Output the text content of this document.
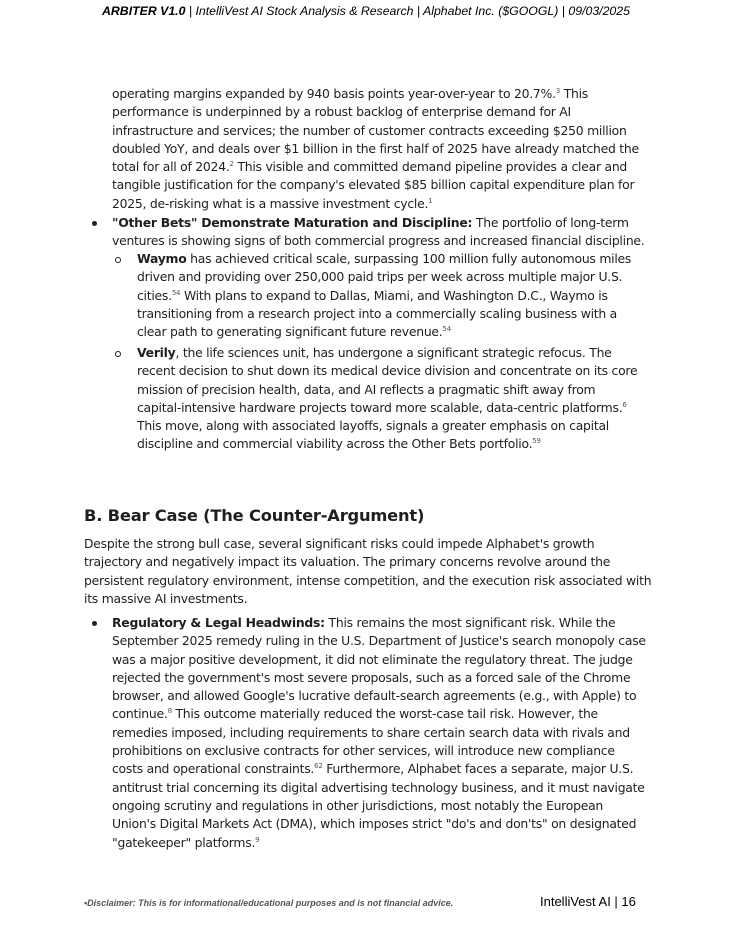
ARBITER V1.0 | IntelliVest AI Stock Analysis & Research | Alphabet Inc. ($GOOGL) | 09/03/2025
operating margins expanded by 940 basis points year-over-year to 20.7%.$^3$ This
performance is underpinned by a robust backlog of enterprise demand for AI
infrastructure and services; the number of customer contracts exceeding $250 million
doubled YoY, and deals over $1 billion in the first half of 2025 have already matched the
total for all of 2024.$^2$ This visible and committed demand pipeline provides a clear and
tangible justification for the company's elevated $85 billion capital expenditure plan for
2025, de-risking what is a massive investment cycle.$^1$
"Other Bets" Demonstrate Maturation and Discipline: The portfolio of long-term
ventures is showing signs of both commercial progress and increased financial discipline.
Waymo has achieved critical scale, surpassing 100 million fully autonomous miles
driven and providing over 250,000 paid trips per week across multiple major U.S.
cities.$^{54}$ With plans to expand to Dallas, Miami, and Washington D.C., Waymo is
transitioning from a research project into a commercially scaling business with a
clear path to generating significant future revenue.$^{54}$
Verily, the life sciences unit, has undergone a significant strategic refocus. The
recent decision to shut down its medical device division and concentrate on its core
mission of precision health, data, and AI reflects a pragmatic shift away from
capital-intensive hardware projects toward more scalable, data-centric platforms.$^6$
This move, along with associated layoffs, signals a greater emphasis on capital
discipline and commercial viability across the Other Bets portfolio.$^{59}$
B. Bear Case (The Counter-Argument)
Despite the strong bull case, several significant risks could impede Alphabet's growth
trajectory and negatively impact its valuation. The primary concerns revolve around the
persistent regulatory environment, intense competition, and the execution risk associated with
its massive AI investments.
Regulatory & Legal Headwinds: This remains the most significant risk. While the
September 2025 remedy ruling in the U.S. Department of Justice's search monopoly case
was a major positive development, it did not eliminate the regulatory threat. The judge
rejected the government's most severe proposals, such as a forced sale of the Chrome
browser, and allowed Google's lucrative default-search agreements (e.g., with Apple) to
continue.$^8$ This outcome materially reduced the worst-case tail risk. However, the
remedies imposed, including requirements to share certain search data with rivals and
prohibitions on exclusive contracts for other services, will introduce new compliance
costs and operational constraints.$^{62}$ Furthermore, Alphabet faces a separate, major U.S.
antitrust trial concerning its digital advertising technology business, and it must navigate
ongoing scrutiny and regulations in other jurisdictions, most notably the European
Union's Digital Markets Act (DMA), which imposes strict "do's and don'ts" on designated
"gatekeeper" platforms.$^9$
•Disclaimer: This is for informational/educational purposes and is not financial advice.	IntelliVest AI | 16
